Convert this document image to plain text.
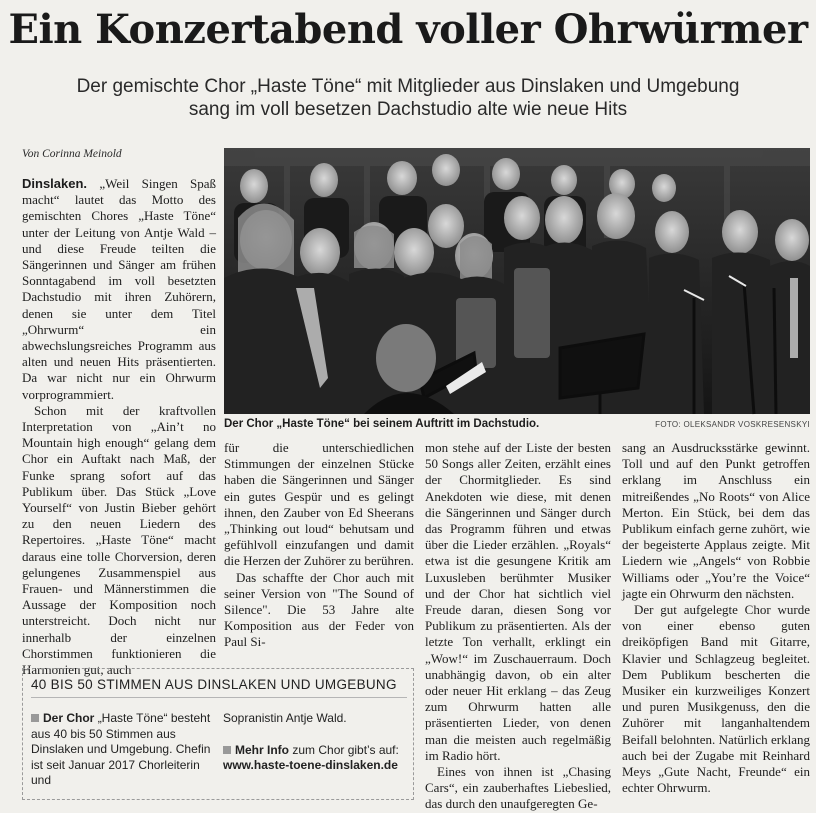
Ein Konzertabend voller Ohrwürmer
Der gemischte Chor „Haste Töne“ mit Mitglieder aus Dinslaken und Umgebung
sang im voll besetzen Dachstudio alte wie neue Hits
Von Corinna Meinold

Dinslaken. „Weil Singen Spaß macht“ lautet das Motto des gemischten Chores „Haste Töne“ unter der Leitung von Antje Wald – und diese Freude teilten die Sängerinnen und Sänger am frühen Sonntagabend im voll besetzten Dachstudio mit ihren Zuhörern, denen sie unter dem Titel „Ohrwurm“ ein abwechslungsreiches Programm aus alten und neuen Hits präsentierten. Da war nicht nur ein Ohrwurm vorprogrammiert.

Schon mit der kraftvollen Interpretation von „Ain’t no Mountain high enough“ gelang dem Chor ein Auftakt nach Maß, der Funke sprang sofort auf das Publikum über. Das Stück „Love Yourself“ von Justin Bieber gehört zu den neuen Liedern des Repertoires. „Haste Töne“ macht daraus eine tolle Chorversion, deren gelungenes Zusammenspiel aus Frauen- und Männerstimmen die Aussage der Komposition noch unterstreicht. Doch nicht nur innerhalb der einzelnen Chorstimmen funktionieren die Harmonien gut, auch

Der Chor „Haste Töne“ bei seinem Auftritt im Dachstudio.	FOTO: OLEKSANDR VOSKRESENSKYI

für die unterschiedlichen Stimmungen der einzelnen Stücke haben die Sängerinnen und Sänger ein gutes Gespür und es gelingt ihnen, den Zauber von Ed Sheerans „Thinking out loud“ behutsam und gefühlvoll einzufangen und damit die Herzen der Zuhörer zu berühren.

Das schaffte der Chor auch mit seiner Version von "The Sound of Silence". Die 53 Jahre alte Komposition aus der Feder von Paul Si-

mon stehe auf der Liste der besten 50 Songs aller Zeiten, erzählt eines der Chormitglieder. Es sind Anekdoten wie diese, mit denen die Sängerinnen und Sänger durch das Programm führen und etwas über die Lieder erzählen. „Royals“ etwa ist die gesungene Kritik am Luxusleben berühmter Musiker und der Chor hat sichtlich viel Freude daran, diesen Song vor Publikum zu präsentierten. Als der letzte Ton verhallt, erklingt ein „Wow!“ im Zuschauerraum. Doch unabhängig davon, ob ein alter oder neuer Hit erklang – das Zeug zum Ohrwurm hatten alle präsentierten Lieder, von denen man die meisten auch regelmäßig im Radio hört.

Eines von ihnen ist „Chasing Cars“, ein zauberhaftes Liebeslied, das durch den unaufgeregten Ge-

sang an Ausdrucksstärke gewinnt. Toll und auf den Punkt getroffen erklang im Anschluss ein mitreißendes „No Roots“ von Alice Merton. Ein Stück, bei dem das Publikum einfach gerne zuhört, wie der begeisterte Applaus zeigte. Mit Liedern wie „Angels“ von Robbie Williams oder „You’re the Voice“ jagte ein Ohrwurm den nächsten.

Der gut aufgelegte Chor wurde von einer ebenso guten dreiköpfigen Band mit Gitarre, Klavier und Schlagzeug begleitet. Dem Publikum bescherten die Musiker ein kurzweiliges Konzert und puren Musikgenuss, den die Zuhörer mit langanhaltendem Beifall belohnten. Natürlich erklang auch bei der Zugabe mit Reinhard Meys „Gute Nacht, Freunde“ ein echter Ohrwurm.

40 BIS 50 STIMMEN AUS DINSLAKEN UND UMGEBUNG
Der Chor „Haste Töne“ besteht aus 40 bis 50 Stimmen aus Dinslaken und Umgebung. Chefin ist seit Januar 2017 Chorleiterin und
Sopranistin Antje Wald.
Mehr Info zum Chor gibt’s auf:
www.haste-toene-dinslaken.de
